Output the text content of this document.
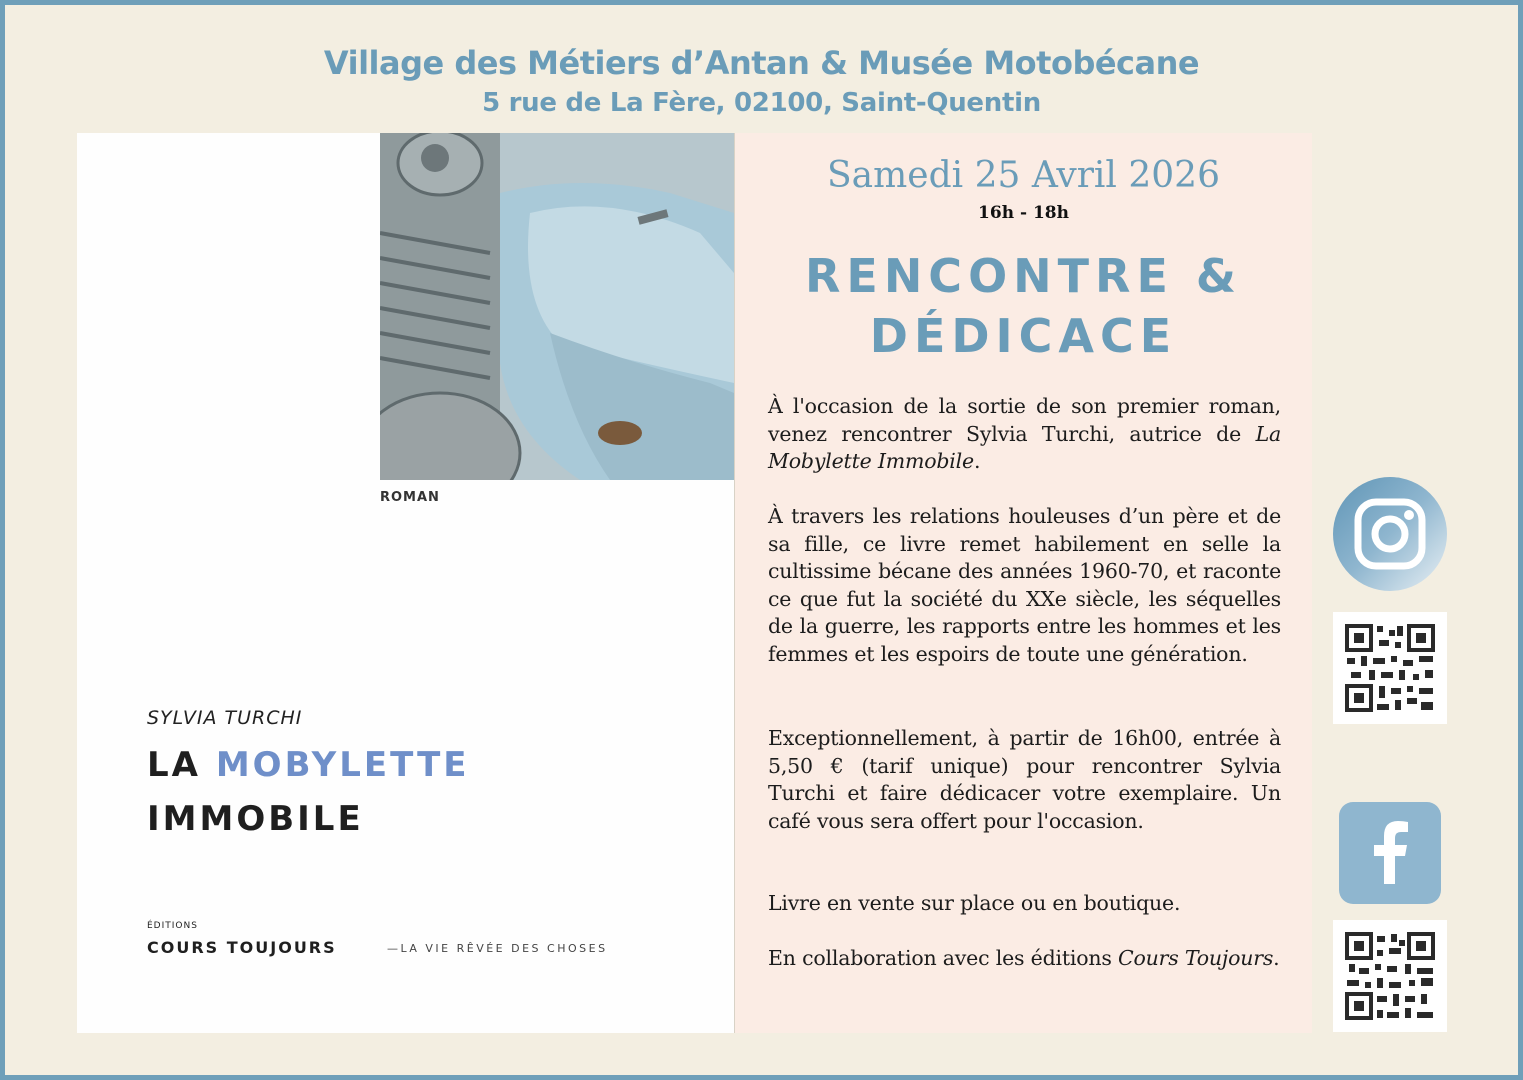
Village des Métiers d’Antan & Musée Motobécane
5 rue de La Fère, 02100, Saint-Quentin
ROMAN
SYLVIA TURCHI
LA MOBYLETTE
IMMOBILE
ÉDITIONS
COURS TOUJOURS	—LA VIE RÊVÉE DES CHOSES
Samedi 25 Avril 2026
16h - 18h
RENCONTRE &
DÉDICACE
À l'occasion de la sortie de son premier roman, venez rencontrer Sylvia Turchi, autrice de La Mobylette Immobile.
À travers les relations houleuses d’un père et de sa fille, ce livre remet habilement en selle la cultissime bécane des années 1960-70, et raconte ce que fut la société du XXe siècle, les séquelles de la guerre, les rapports entre les hommes et les femmes et les espoirs de toute une génération.
Exceptionnellement, à partir de 16h00, entrée à 5,50 € (tarif unique) pour rencontrer Sylvia Turchi et faire dédicacer votre exemplaire. Un café vous sera offert pour l'occasion.
Livre en vente sur place ou en boutique.
En collaboration avec les éditions Cours Toujours.
